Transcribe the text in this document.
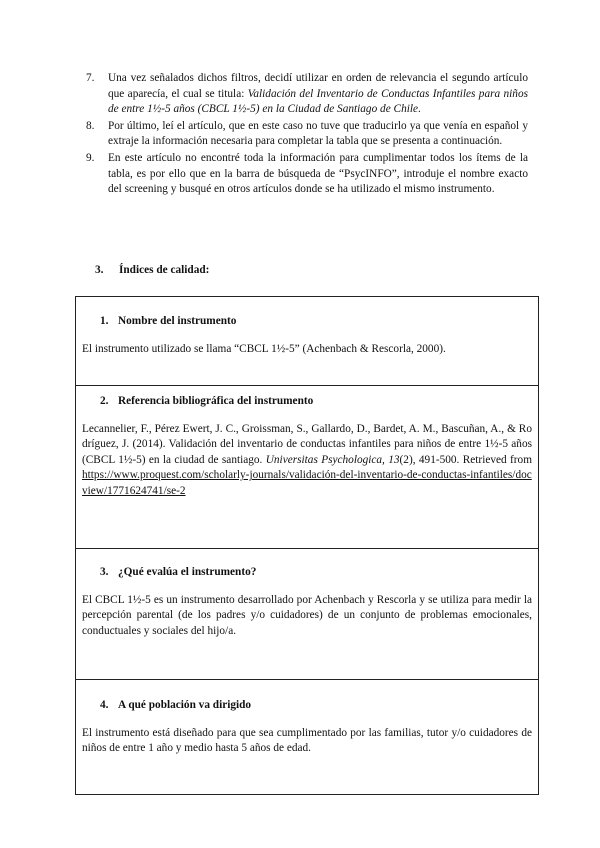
7. Una vez señalados dichos filtros, decidí utilizar en orden de relevancia el segundo artículo que aparecía, el cual se titula: Validación del Inventario de Conductas Infantiles para niños de entre 1½-5 años (CBCL 1½-5) en la Ciudad de Santiago de Chile.
8. Por último, leí el artículo, que en este caso no tuve que traducirlo ya que venía en español y extraje la información necesaria para completar la tabla que se presenta a continuación.
9. En este artículo no encontré toda la información para cumplimentar todos los ítems de la tabla, es por ello que en la barra de búsqueda de “PsycINFO”, introduje el nombre exacto del screening y busqué en otros artículos donde se ha utilizado el mismo instrumento.
3. Índices de calidad:
1. Nombre del instrumento
El instrumento utilizado se llama “CBCL 1½-5” (Achenbach & Rescorla, 2000).
2. Referencia bibliográfica del instrumento
Lecannelier, F., Pérez Ewert, J. C., Groissman, S., Gallardo, D., Bardet, A. M., Bascuñan, A., & Rodríguez, J. (2014). Validación del inventario de conductas infantiles para niños de entre 1½-5 años (CBCL 1½-5) en la ciudad de santiago. Universitas Psychologica, 13(2), 491-500. Retrieved from https://www.proquest.com/scholarly-journals/validación-del-inventario-de-conductas-infantiles/docview/1771624741/se-2
3. ¿Qué evalúa el instrumento?
El CBCL 1½-5 es un instrumento desarrollado por Achenbach y Rescorla y se utiliza para medir la percepción parental (de los padres y/o cuidadores) de un conjunto de problemas emocionales, conductuales y sociales del hijo/a.
4. A qué población va dirigido
El instrumento está diseñado para que sea cumplimentado por las familias, tutor y/o cuidadores de niños de entre 1 año y medio hasta 5 años de edad.
